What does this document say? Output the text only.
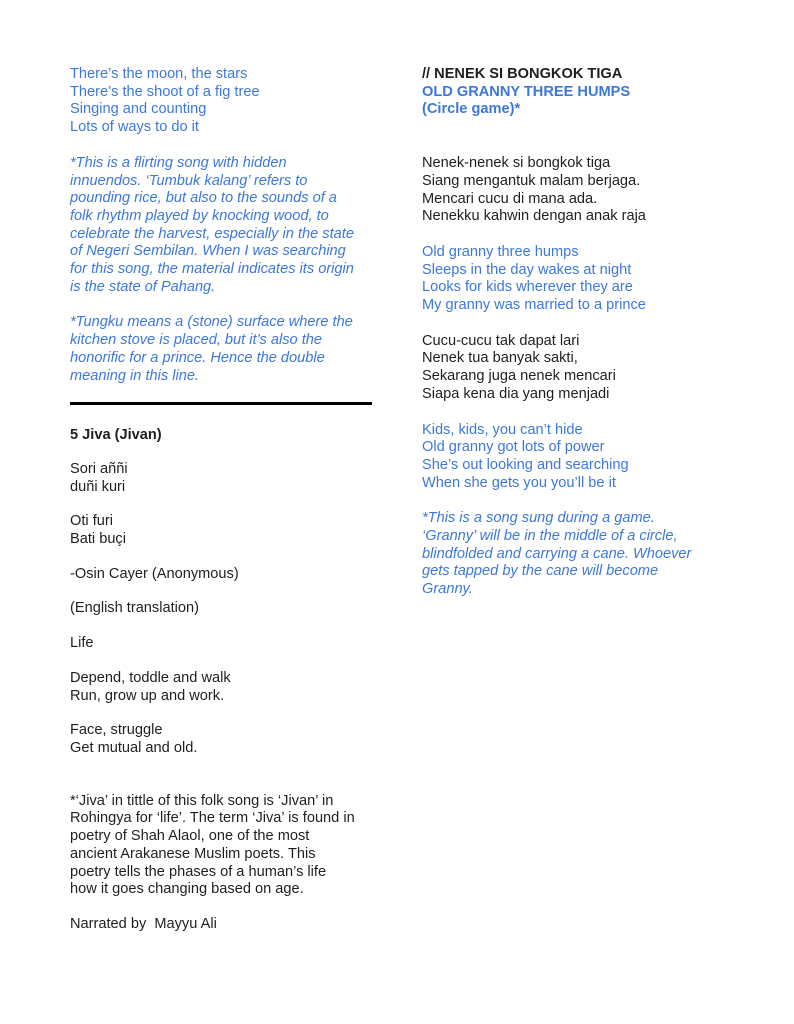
There’s the moon, the stars
There’s the shoot of a fig tree
Singing and counting
Lots of ways to do it
*This is a flirting song with hidden
innuendos. ‘Tumbuk kalang’ refers to
pounding rice, but also to the sounds of a
folk rhythm played by knocking wood, to
celebrate the harvest, especially in the state
of Negeri Sembilan. When I was searching
for this song, the material indicates its origin
is the state of Pahang.
*Tungku means a (stone) surface where the
kitchen stove is placed, but it’s also the
honorific for a prince. Hence the double
meaning in this line.
5 Jiva (Jivan)
Sori aññi
duñi kuri
Oti furi
Bati buçi
-Osin Cayer (Anonymous)
(English translation)
Life
Depend, toddle and walk
Run, grow up and work.
Face, struggle
Get mutual and old.
*‘Jiva’ in tittle of this folk song is ‘Jivan’ in
Rohingya for ‘life’. The term ‘Jiva’ is found in
poetry of Shah Alaol, one of the most
ancient Arakanese Muslim poets. This
poetry tells the phases of a human’s life
how it goes changing based on age.
Narrated by  Mayyu Ali
// NENEK SI BONGKOK TIGA
OLD GRANNY THREE HUMPS
(Circle game)*
Nenek-nenek si bongkok tiga
Siang mengantuk malam berjaga.
Mencari cucu di mana ada.
Nenekku kahwin dengan anak raja
Old granny three humps
Sleeps in the day wakes at night
Looks for kids wherever they are
My granny was married to a prince
Cucu-cucu tak dapat lari
Nenek tua banyak sakti,
Sekarang juga nenek mencari
Siapa kena dia yang menjadi
Kids, kids, you can’t hide
Old granny got lots of power
She’s out looking and searching
When she gets you you’ll be it
*This is a song sung during a game.
‘Granny’ will be in the middle of a circle,
blindfolded and carrying a cane. Whoever
gets tapped by the cane will become
Granny.
